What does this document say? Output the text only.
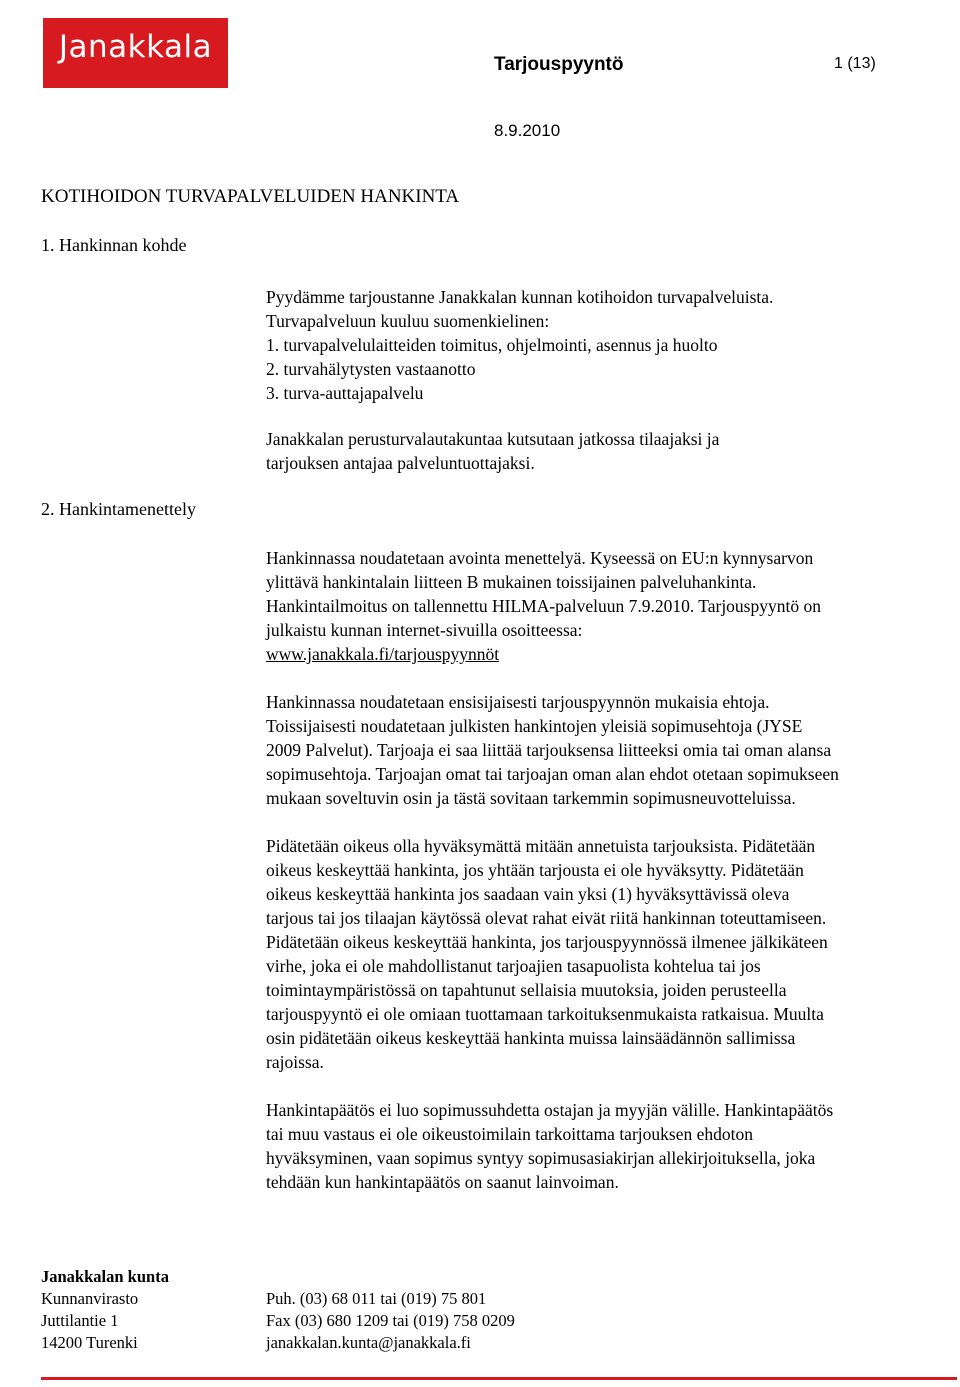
Janakkala	Tarjouspyyntö	1 (13)
8.9.2010
KOTIHOIDON TURVAPALVELUIDEN HANKINTA
1. Hankinnan kohde
Pyydämme tarjoustanne Janakkalan kunnan kotihoidon turvapalveluista.
Turvapalveluun kuuluu suomenkielinen:
1. turvapalvelulaitteiden toimitus, ohjelmointi, asennus ja huolto
2. turvahälytysten vastaanotto
3. turva-auttajapalvelu
Janakkalan perusturvalautakuntaa kutsutaan jatkossa tilaajaksi ja
tarjouksen antajaa palveluntuottajaksi.
2. Hankintamenettely
Hankinnassa noudatetaan avointa menettelyä. Kyseessä on EU:n kynnysarvon
ylittävä hankintalain liitteen B mukainen toissijainen palveluhankinta.
Hankintailmoitus on tallennettu HILMA-palveluun 7.9.2010. Tarjouspyyntö on
julkaistu kunnan internet-sivuilla osoitteessa:
www.janakkala.fi/tarjouspyynnöt
Hankinnassa noudatetaan ensisijaisesti tarjouspyynnön mukaisia ehtoja.
Toissijaisesti noudatetaan julkisten hankintojen yleisiä sopimusehtoja (JYSE
2009 Palvelut). Tarjoaja ei saa liittää tarjouksensa liitteeksi omia tai oman alansa
sopimusehtoja. Tarjoajan omat tai tarjoajan oman alan ehdot otetaan sopimukseen
mukaan soveltuvin osin ja tästä sovitaan tarkemmin sopimusneuvotteluissa.
Pidätetään oikeus olla hyväksymättä mitään annetuista tarjouksista. Pidätetään
oikeus keskeyttää hankinta, jos yhtään tarjousta ei ole hyväksytty. Pidätetään
oikeus keskeyttää hankinta jos saadaan vain yksi (1) hyväksyttävissä oleva
tarjous tai jos tilaajan käytössä olevat rahat eivät riitä hankinnan toteuttamiseen.
Pidätetään oikeus keskeyttää hankinta, jos tarjouspyynnössä ilmenee jälkikäteen
virhe, joka ei ole mahdollistanut tarjoajien tasapuolista kohtelua tai jos
toimintaympäristössä on tapahtunut sellaisia muutoksia, joiden perusteella
tarjouspyyntö ei ole omiaan tuottamaan tarkoituksenmukaista ratkaisua. Muulta
osin pidätetään oikeus keskeyttää hankinta muissa lainsäädännön sallimissa
rajoissa.
Hankintapäätös ei luo sopimussuhdetta ostajan ja myyjän välille. Hankintapäätös
tai muu vastaus ei ole oikeustoimilain tarkoittama tarjouksen ehdoton
hyväksyminen, vaan sopimus syntyy sopimusasiakirjan allekirjoituksella, joka
tehdään kun hankintapäätös on saanut lainvoiman.
Janakkalan kunta
Kunnanvirasto
Juttilantie 1
14200 Turenki
Puh. (03) 68 011 tai (019) 75 801
Fax (03) 680 1209 tai (019) 758 0209
janakkalan.kunta@janakkala.fi
